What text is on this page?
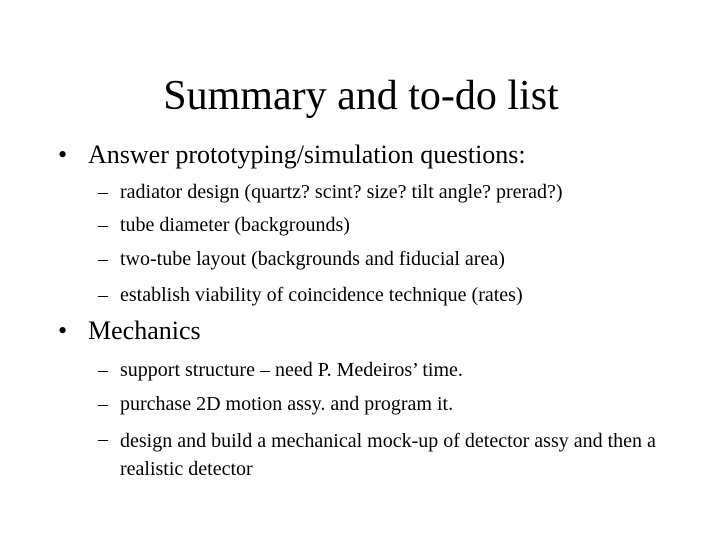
Summary and to-do list
• Answer prototyping/simulation questions:
– radiator design (quartz? scint? size? tilt angle? prerad?)
– tube diameter (backgrounds)
– two-tube layout (backgrounds and fiducial area)
– establish viability of coincidence technique (rates)
• Mechanics
– support structure – need P. Medeiros’ time.
– purchase 2D motion assy. and program it.
– design and build a mechanical mock-up of detector assy and then a realistic detector
